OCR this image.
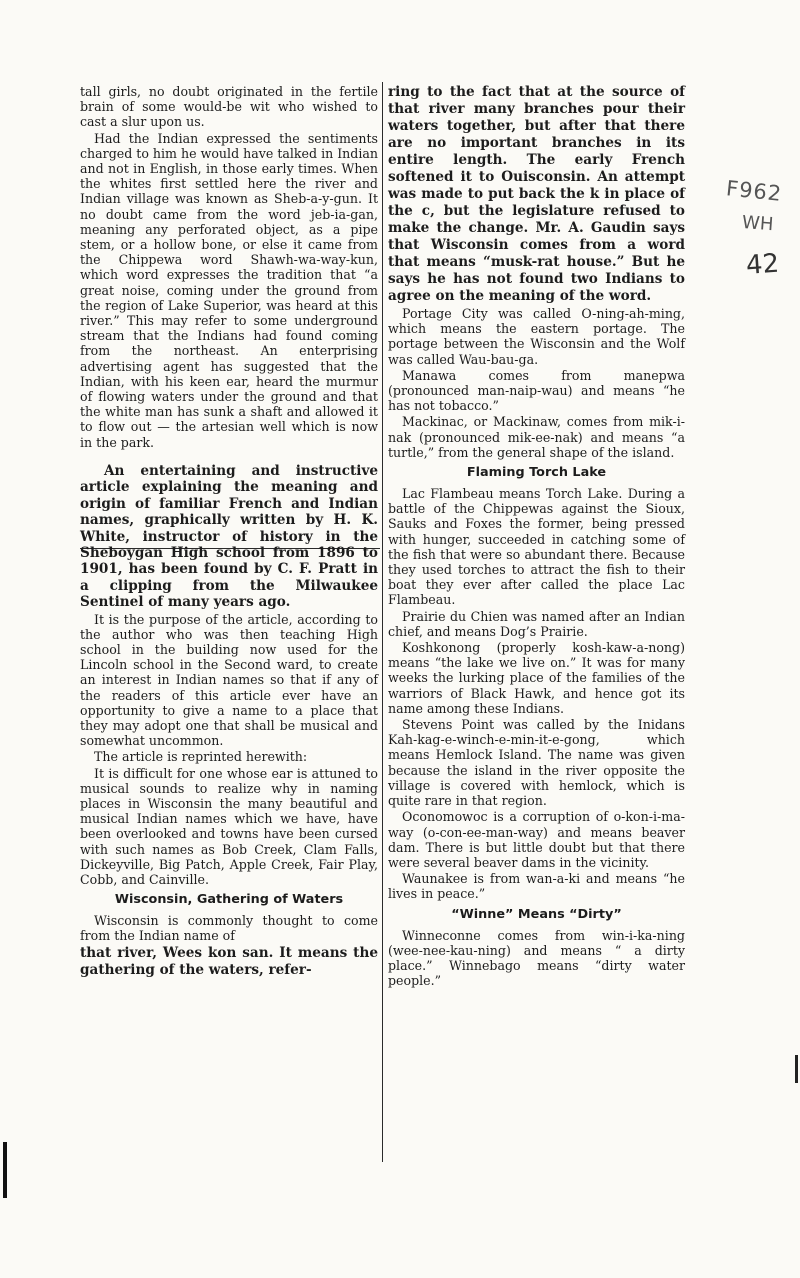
F962
WH
42

tall girls, no doubt originated in the fertile brain of some would-be wit who wished to cast a slur upon us.

Had the Indian expressed the sentiments charged to him he would have talked in Indian and not in English, in those early times. When the whites first settled here the river and Indian village was known as Sheb-a-y-gun. It no doubt came from the word jeb-ia-gan, meaning any perforated object, as a pipe stem, or a hollow bone, or else it came from the Chippewa word Shawh-wa-way-kun, which word expresses the tradition that “a great noise, coming under the ground from the region of Lake Superior, was heard at this river.” This may refer to some underground stream that the Indians had found coming from the northeast. An enterprising advertising agent has suggested that the Indian, with his keen ear, heard the murmur of flowing waters under the ground and that the white man has sunk a shaft and allowed it to flow out — the artesian well which is now in the park.

An entertaining and instructive article explaining the meaning and origin of familiar French and Indian names, graphically written by H. K. White, instructor of history in the Sheboygan High school from 1896 to 1901, has been found by C. F. Pratt in a clipping from the Milwaukee Sentinel of many years ago.

It is the purpose of the article, according to the author who was then teaching High school in the building now used for the Lincoln school in the Second ward, to create an interest in Indian names so that if any of the readers of this article ever have an opportunity to give a name to a place that they may adopt one that shall be musical and somewhat uncommon.

The article is reprinted herewith:

It is difficult for one whose ear is attuned to musical sounds to realize why in naming places in Wisconsin the many beautiful and musical Indian names which we have, have been overlooked and towns have been cursed with such names as Bob Creek, Clam Falls, Dickeyville, Big Patch, Apple Creek, Fair Play, Cobb, and Cainville.

Wisconsin, Gathering of Waters

Wisconsin is commonly thought to come from the Indian name of

that river, Wees kon san. It means the gathering of the waters, refer-

ring to the fact that at the source of that river many branches pour their waters together, but after that there are no important branches in its entire length. The early French softened it to Ouisconsin. An attempt was made to put back the k in place of the c, but the legislature refused to make the change. Mr. A. Gaudin says that Wisconsin comes from a word that means “musk-rat house.” But he says he has not found two Indians to agree on the meaning of the word.

Portage City was called O-ning-ah-ming, which means the eastern portage. The portage between the Wisconsin and the Wolf was called Wau-bau-ga.

Manawa comes from manepwa (pronounced man-naip-wau) and means “he has not tobacco.”

Mackinac, or Mackinaw, comes from mik-i-nak (pronounced mik-ee-nak) and means “a turtle,” from the general shape of the island.

Flaming Torch Lake

Lac Flambeau means Torch Lake. During a battle of the Chippewas against the Sioux, Sauks and Foxes the former, being pressed with hunger, succeeded in catching some of the fish that were so abundant there. Because they used torches to attract the fish to their boat they ever after called the place Lac Flambeau.

Prairie du Chien was named after an Indian chief, and means Dog’s Prairie.

Koshkonong (properly kosh-kaw-a-nong) means “the lake we live on.” It was for many weeks the lurking place of the families of the warriors of Black Hawk, and hence got its name among these Indians.

Stevens Point was called by the Inidans Kah-kag-e-winch-e-min-it-e-gong, which means Hemlock Island. The name was given because the island in the river opposite the village is covered with hemlock, which is quite rare in that region.

Oconomowoc is a corruption of o-kon-i-ma-way (o-con-ee-man-way) and means beaver dam. There is but little doubt but that there were several beaver dams in the vicinity.

Waunakee is from wan-a-ki and means “he lives in peace.”

“Winne” Means “Dirty”

Winneconne comes from win-i-ka-ning (wee-nee-kau-ning) and means “ a dirty place.” Winnebago means “dirty water people.”
